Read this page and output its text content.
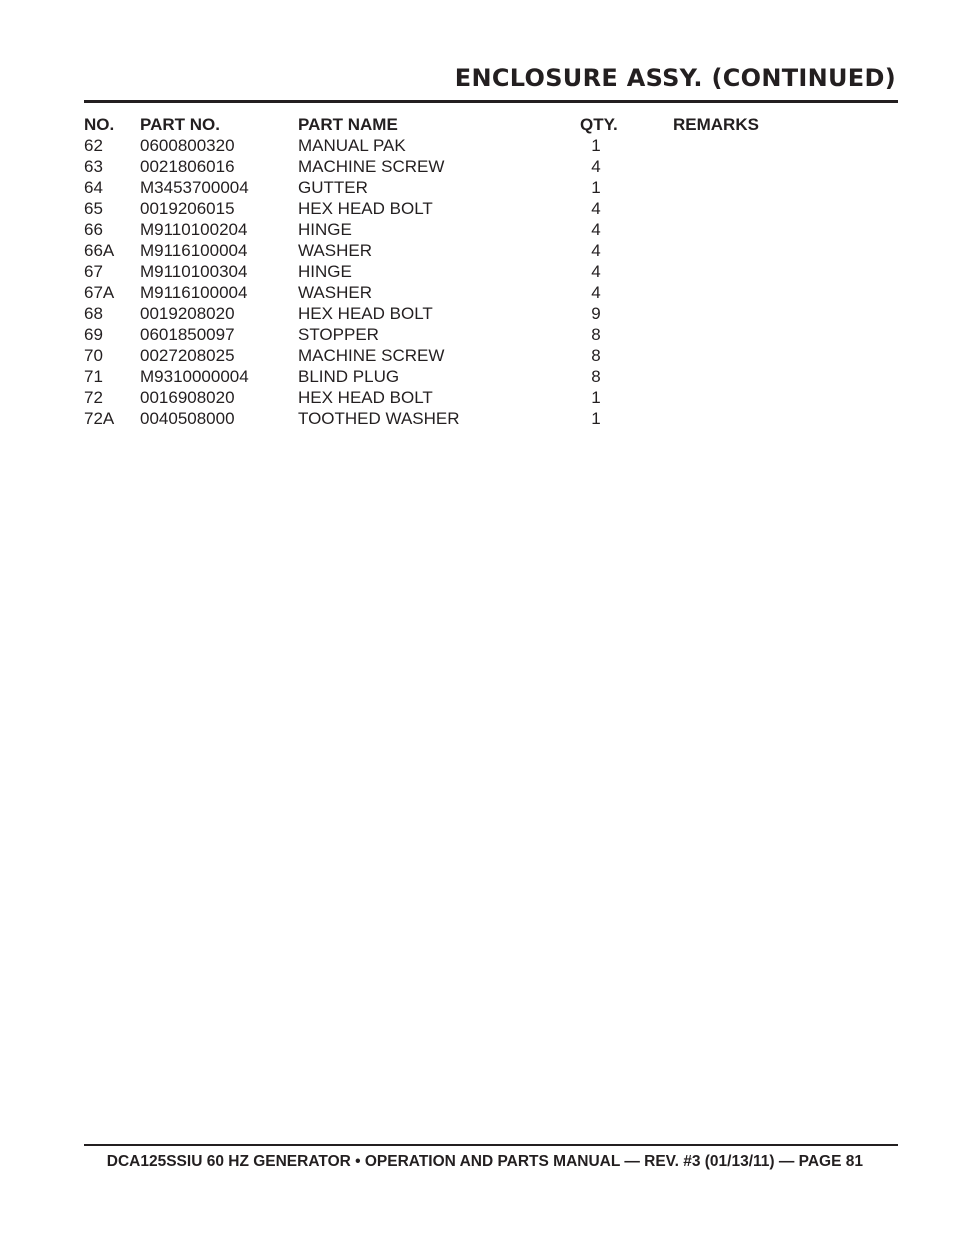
ENCLOSURE ASSY. (CONTINUED)
NO. PART NO.	PART NAME	QTY.	REMARKS
62 0600800320	MANUAL PAK	1
63 0021806016	MACHINE SCREW	4
64 M3453700004	GUTTER	1
65 0019206015	HEX HEAD BOLT	4
66 M9110100204	HINGE	4
66A M9116100004	WASHER	4
67 M9110100304	HINGE	4
67A M9116100004	WASHER	4
68 0019208020	HEX HEAD BOLT	9
69 0601850097	STOPPER	8
70 0027208025	MACHINE SCREW	8
71 M9310000004	BLIND PLUG	8
72 0016908020	HEX HEAD BOLT	1
72A 0040508000	TOOTHED WASHER	1
DCA125SSIU 60 HZ GENERATOR • OPERATION AND PARTS MANUAL — REV. #3 (01/13/11) — PAGE 81
